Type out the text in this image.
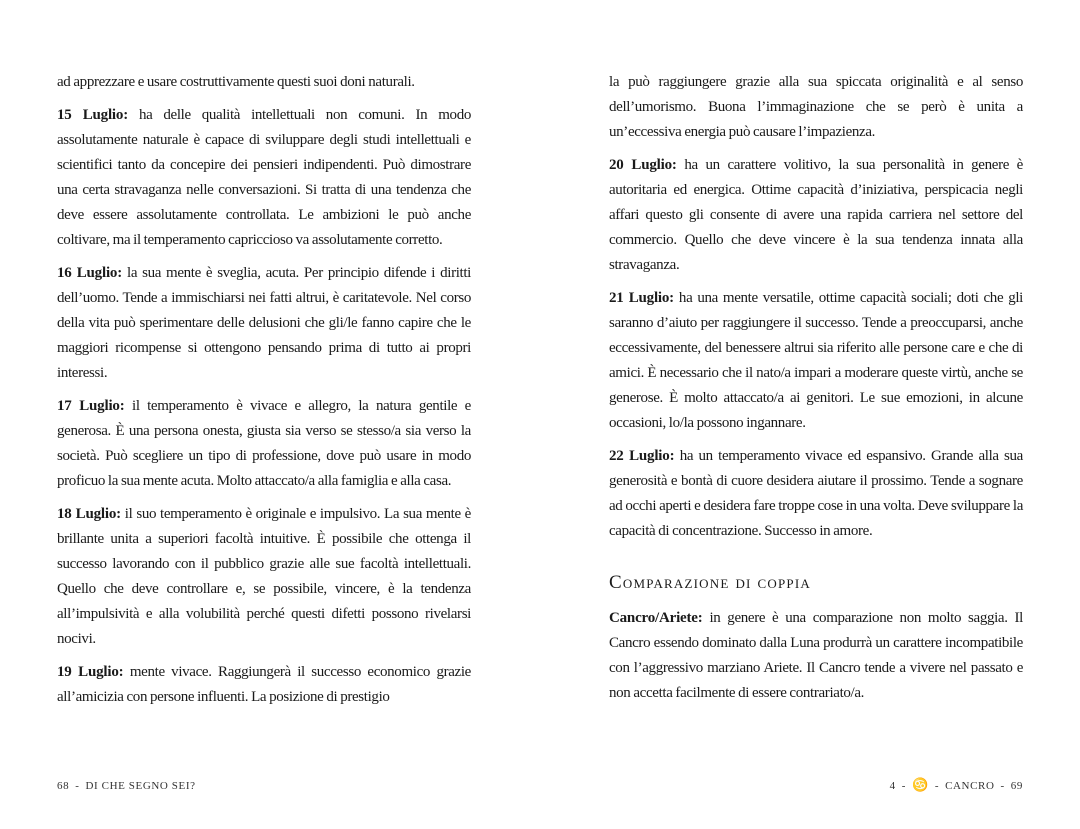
ad apprezzare e usare costruttivamente questi suoi doni naturali.

15 Luglio: ha delle qualità intellettuali non comuni. In modo assolutamente naturale è capace di sviluppare degli studi intellettuali e scientifici tanto da concepire dei pensieri indipendenti. Può dimostrare una certa stravaganza nelle conversazioni. Si tratta di una tendenza che deve essere assolutamente controllata. Le ambizioni le può anche coltivare, ma il temperamento capriccioso va assolutamente corretto.

16 Luglio: la sua mente è sveglia, acuta. Per principio difende i diritti dell’uomo. Tende a immischiarsi nei fatti altrui, è caritatevole. Nel corso della vita può sperimentare delle delusioni che gli/le fanno capire che le maggiori ricompense si ottengono pensando prima di tutto ai propri interessi.

17 Luglio: il temperamento è vivace e allegro, la natura gentile e generosa. È una persona onesta, giusta sia verso se stesso/a sia verso la società. Può scegliere un tipo di professione, dove può usare in modo proficuo la sua mente acuta. Molto attaccato/a alla famiglia e alla casa.

18 Luglio: il suo temperamento è originale e impulsivo. La sua mente è brillante unita a superiori facoltà intuitive. È possibile che ottenga il successo lavorando con il pubblico grazie alle sue facoltà intellettuali. Quello che deve controllare e, se possibile, vincere, è la tendenza all’impulsività e alla volubilità perché questi difetti possono rivelarsi nocivi.

19 Luglio: mente vivace. Raggiungerà il successo economico grazie all’amicizia con persone influenti. La posizione di prestigio

68 - DI CHE SEGNO SEI?

la può raggiungere grazie alla sua spiccata originalità e al senso dell’umorismo. Buona l’immaginazione che se però è unita a un’eccessiva energia può causare l’impazienza.

20 Luglio: ha un carattere volitivo, la sua personalità in genere è autoritaria ed energica. Ottime capacità d’iniziativa, perspicacia negli affari questo gli consente di avere una rapida carriera nel settore del commercio. Quello che deve vincere è la sua tendenza innata alla stravaganza.

21 Luglio: ha una mente versatile, ottime capacità sociali; doti che gli saranno d’aiuto per raggiungere il successo. Tende a preoccuparsi, anche eccessivamente, del benessere altrui sia riferito alle persone care e che di amici. È necessario che il nato/a impari a moderare queste virtù, anche se generose. È molto attaccato/a ai genitori. Le sue emozioni, in alcune occasioni, lo/la possono ingannare.

22 Luglio: ha un temperamento vivace ed espansivo. Grande alla sua generosità e bontà di cuore desidera aiutare il prossimo. Tende a sognare ad occhi aperti e desidera fare troppe cose in una volta. Deve sviluppare la capacità di concentrazione. Successo in amore.

Comparazione di coppia

Cancro/Ariete: in genere è una comparazione non molto saggia. Il Cancro essendo dominato dalla Luna produrrà un carattere incompatibile con l’aggressivo marziano Ariete. Il Cancro tende a vivere nel passato e non accetta facilmente di essere contrariato/a.

4 - ♋ - CANCRO - 69
